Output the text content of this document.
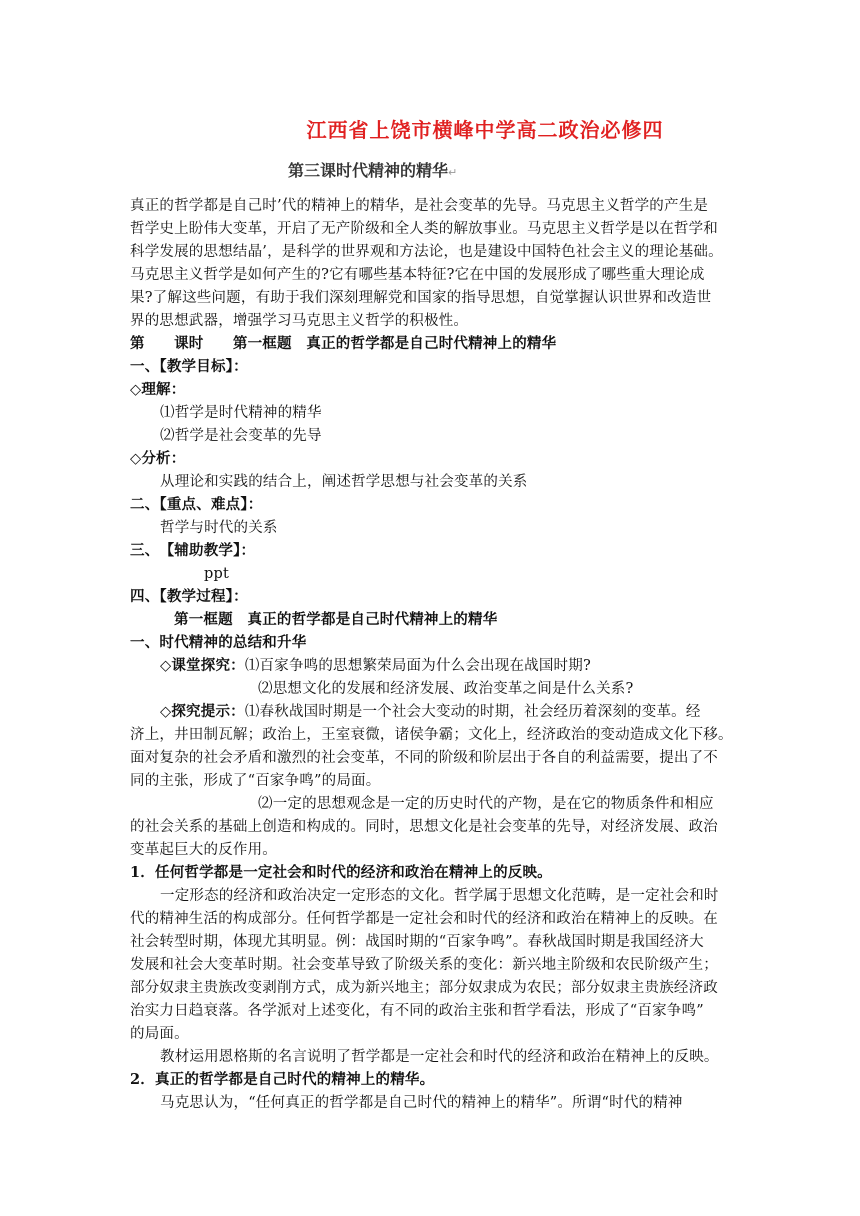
江西省上饶市横峰中学高二政治必修四
第三课时代精神的精华↵
真正的哲学都是自己时’代的精神上的精华，是社会变革的先导。马克思主义哲学的产生是
哲学史上盼伟大变革，开启了无产阶级和全人类的解放事业。马克思主义哲学是以在哲学和
科学发展的思想结晶’，是科学的世界观和方法论，也是建设中国特色社会主义的理论基础。
马克思主义哲学是如何产生的?它有哪些基本特征?它在中国的发展形成了哪些重大理论成
果?了解这些问题，有助于我们深刻理解党和国家的指导思想，自觉掌握认识世界和改造世
界的思想武器，增强学习马克思主义哲学的积极性。
第　　课时　　第一框题　真正的哲学都是自己时代精神上的精华
一、【教学目标】：
◇理解：
⑴哲学是时代精神的精华
⑵哲学是社会变革的先导
◇分析：
从理论和实践的结合上，阐述哲学思想与社会变革的关系
二、【重点、难点】：
哲学与时代的关系
三、　【辅助教学】：
ppt
四、【教学过程】：
第一框题　真正的哲学都是自己时代精神上的精华
一、时代精神的总结和升华
◇课堂探究：⑴百家争鸣的思想繁荣局面为什么会出现在战国时期?
⑵思想文化的发展和经济发展、政治变革之间是什么关系?
◇探究提示：⑴春秋战国时期是一个社会大变动的时期，社会经历着深刻的变革。经
济上，井田制瓦解；政治上，王室衰微，诸侯争霸；文化上，经济政治的变动造成文化下移。
面对复杂的社会矛盾和激烈的社会变革，不同的阶级和阶层出于各自的利益需要，提出了不
同的主张，形成了“百家争鸣”的局面。
⑵一定的思想观念是一定的历史时代的产物，是在它的物质条件和相应
的社会关系的基础上创造和构成的。同时，思想文化是社会变革的先导，对经济发展、政治
变革起巨大的反作用。
1．任何哲学都是一定社会和时代的经济和政治在精神上的反映。
一定形态的经济和政治决定一定形态的文化。哲学属于思想文化范畴，是一定社会和时
代的精神生活的构成部分。任何哲学都是一定社会和时代的经济和政治在精神上的反映。在
社会转型时期，体现尤其明显。例：战国时期的“百家争鸣”。春秋战国时期是我国经济大
发展和社会大变革时期。社会变革导致了阶级关系的变化：新兴地主阶级和农民阶级产生；
部分奴隶主贵族改变剥削方式，成为新兴地主；部分奴隶成为农民；部分奴隶主贵族经济政
治实力日趋衰落。各学派对上述变化，有不同的政治主张和哲学看法，形成了“百家争鸣”
的局面。
教材运用恩格斯的名言说明了哲学都是一定社会和时代的经济和政治在精神上的反映。
2．真正的哲学都是自己时代的精神上的精华。
马克思认为，“任何真正的哲学都是自己时代的精神上的精华”。所谓“时代的精神
